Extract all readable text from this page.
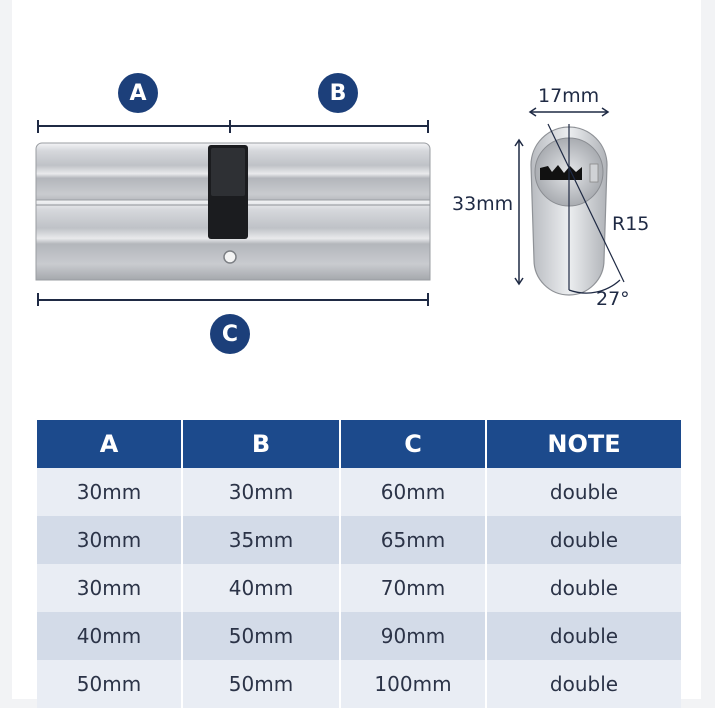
A	B
C
17mm
33mm
R15
27°
A	B	C	NOTE
30mm	30mm	60mm	double
30mm	35mm	65mm	double
30mm	40mm	70mm	double
40mm	50mm	90mm	double
50mm	50mm	100mm	double
